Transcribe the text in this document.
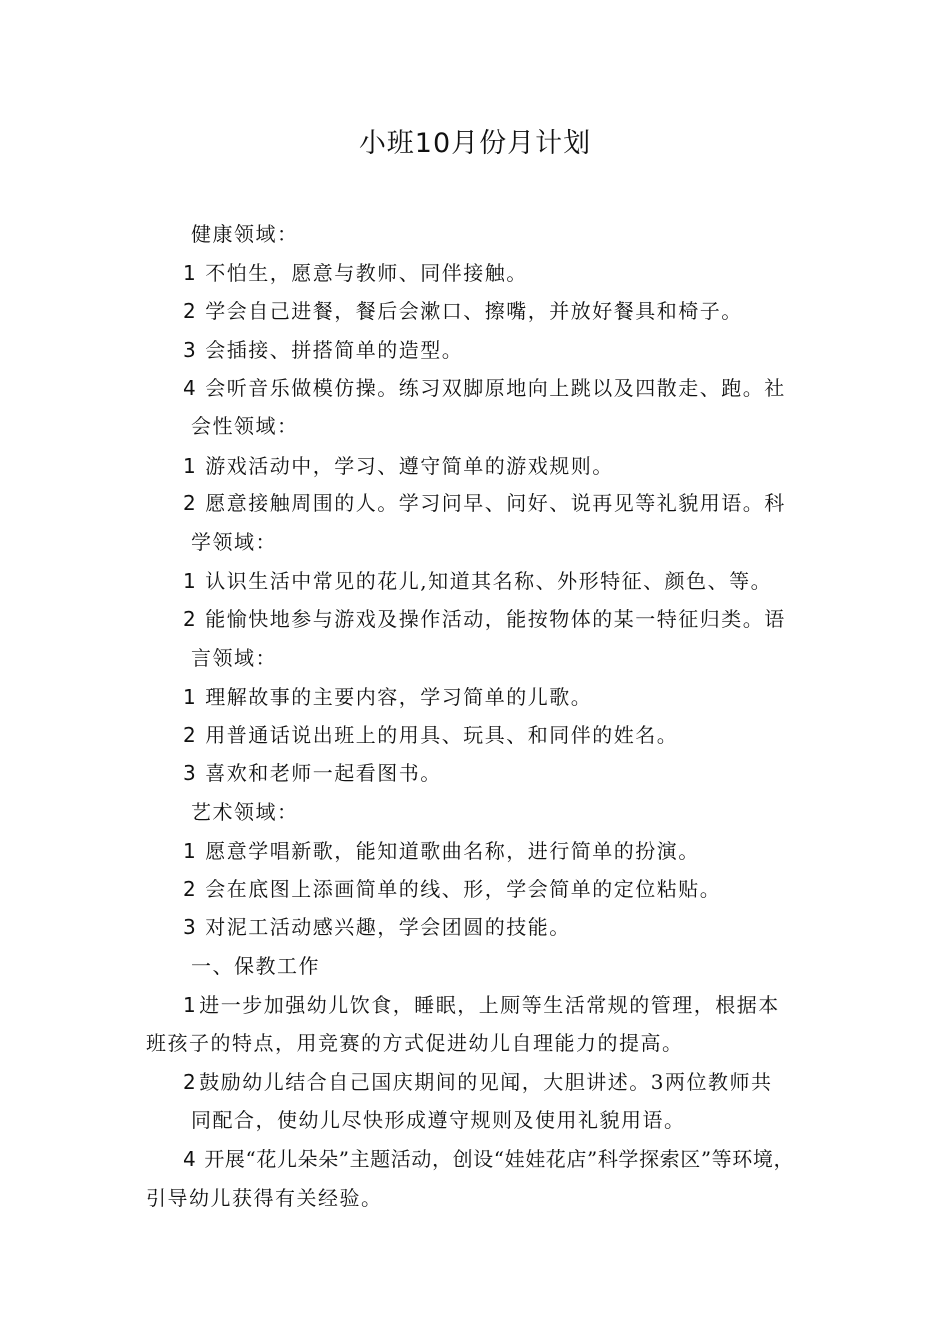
小班10月份月计划
健康领域：
1 不怕生，愿意与教师、同伴接触。
2 学会自己进餐，餐后会漱口、擦嘴，并放好餐具和椅子。
3 会插接、拼搭简单的造型。
4 会听音乐做模仿操。练习双脚原地向上跳以及四散走、跑。社
会性领域：
1 游戏活动中，学习、遵守简单的游戏规则。
2 愿意接触周围的人。学习问早、问好、说再见等礼貌用语。科
学领域：
1 认识生活中常见的花儿,知道其名称、外形特征、颜色、等。
2 能愉快地参与游戏及操作活动，能按物体的某一特征归类。语
言领域：
1 理解故事的主要内容，学习简单的儿歌。
2 用普通话说出班上的用具、玩具、和同伴的姓名。
3 喜欢和老师一起看图书。
艺术领域：
1 愿意学唱新歌，能知道歌曲名称，进行简单的扮演。
2 会在底图上添画简单的线、形，学会简单的定位粘贴。
3 对泥工活动感兴趣，学会团圆的技能。
一、保教工作
1 进一步加强幼儿饮食，睡眠，上厕等生活常规的管理，根据本
班孩子的特点，用竞赛的方式促进幼儿自理能力的提高。
2 鼓励幼儿结合自己国庆期间的见闻，大胆讲述。3两位教师共
同配合，使幼儿尽快形成遵守规则及使用礼貌用语。
4 开展“花儿朵朵”主题活动，创设“娃娃花店”科学探索区”等环境，
引导幼儿获得有关经验。
